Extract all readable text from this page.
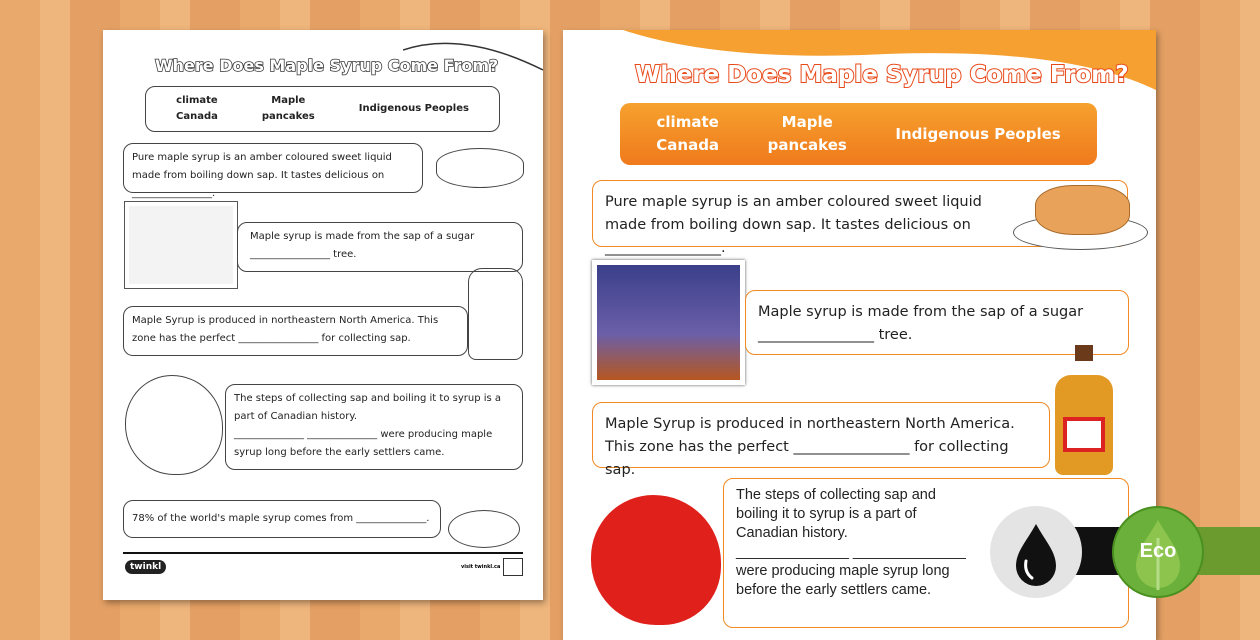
Where Does Maple Syrup Come From?
climate
Canada
Maple
pancakes
Indigenous Peoples
Pure maple syrup is an amber coloured sweet liquid made from boiling down sap. It tastes delicious on ________________.
Maple syrup is made from the sap of a sugar ________________ tree.
Maple Syrup is produced in northeastern North America. This zone has the perfect ________________ for collecting sap.
The steps of collecting sap and boiling it to syrup is a part of Canadian history.
______________ ______________ were producing maple syrup long before the early settlers came.
78% of the world's maple syrup comes from ______________.
twinkl	visit twinkl.ca
Where Does Maple Syrup Come From?
climate
Canada
Maple
pancakes
Indigenous Peoples
Pure maple syrup is an amber coloured sweet liquid made from boiling down sap. It tastes delicious on ________________.
Maple syrup is made from the sap of a sugar ________________ tree.
Maple Syrup is produced in northeastern North America. This zone has the perfect ________________ for collecting sap.
The steps of collecting sap and boiling it to syrup is a part of Canadian history.
______________ ______________ were producing maple syrup long before the early settlers came.
Eco
